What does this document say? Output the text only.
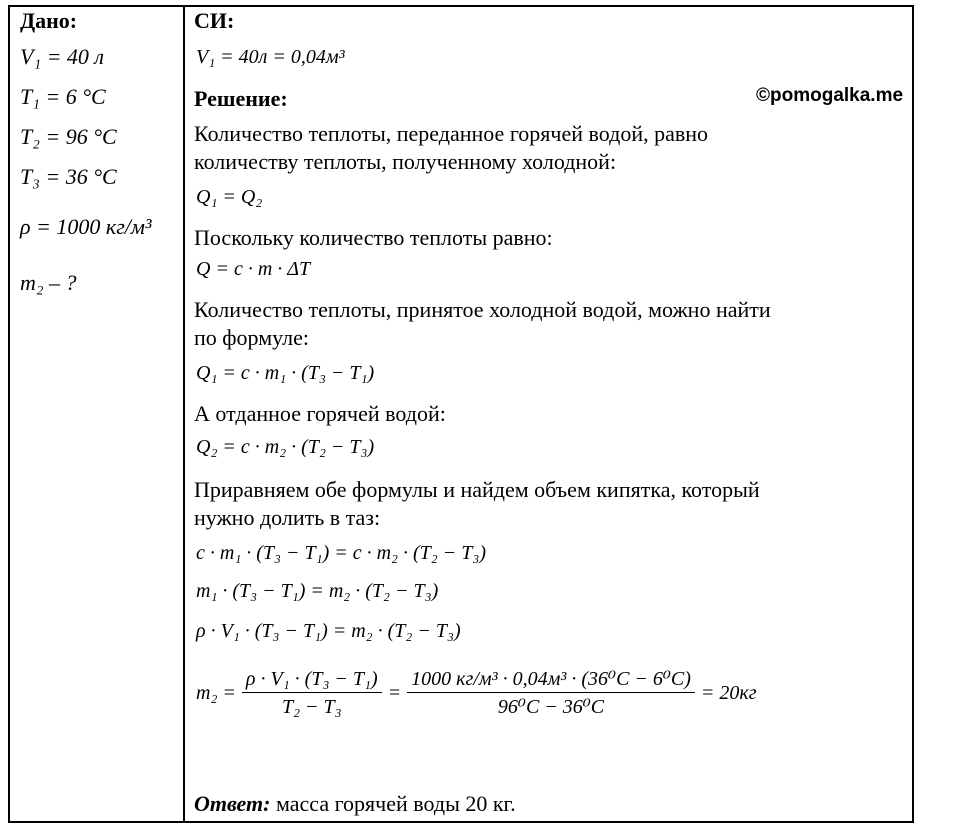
Дано:
V₁ = 40 л
T₁ = 6 °C
T₂ = 96 °C
T₃ = 36 °C
ρ = 1000 кг/м³
m₂ – ?
СИ:
V₁ = 40л = 0,04м³
Решение:	©pomogalka.me
Количество теплоты, переданное горячей водой, равно
количеству теплоты, полученному холодной:
Q₁ = Q₂
Поскольку количество теплоты равно:
Q = c · m · ΔT
Количество теплоты, принятое холодной водой, можно найти
по формуле:
Q₁ = c · m₁ · (T₃ − T₁)
А отданное горячей водой:
Q₂ = c · m₂ · (T₂ − T₃)
Приравняем обе формулы и найдем объем кипятка, который
нужно долить в таз:
c · m₁ · (T₃ − T₁) = c · m₂ · (T₂ − T₃)
m₁ · (T₃ − T₁) = m₂ · (T₂ − T₃)
ρ · V₁ · (T₃ − T₁) = m₂ · (T₂ − T₃)
$m_2 = \frac{\text{ρ · V₁ · (T₃ − T₁)}}{\text{T₂ − T₃}} = \frac{\text{1000 кг/м³ · 0,04м³ · (36⁰C − 6⁰C)}}{\text{96⁰C − 36⁰C}} = 20кг$
Ответ: масса горячей воды 20 кг.
